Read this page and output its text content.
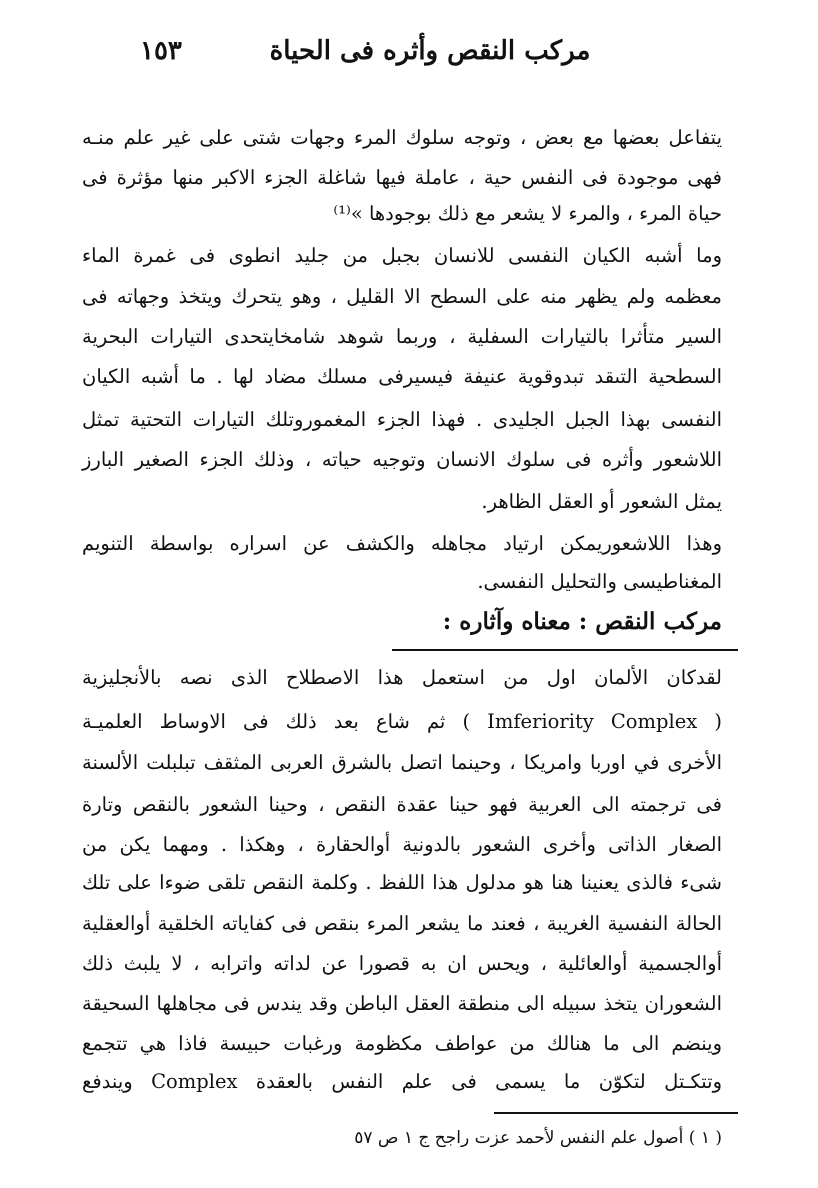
مركب النقص وأثره فى الحياة
١٥٣
يتفاعل بعضها مع بعض ، وتوجه سلوك المرء وجهات شتى على غير علم منـه
فهى موجودة فى النفس حية ، عاملة فيها شاغلة الجزء الاكبر منها مؤثرة فى
حياة المرء ، والمرء لا يشعر مع ذلك بوجودها »⁽¹⁾
وما أشبه الكيان النفسى للانسان بجبل من جليد انطوى فى غمرة الماء
معظمه ولم يظهر منه على السطح الا القليل ، وهو يتحرك ويتخذ وجهاته فى
السير متأثرا بالتيارات السفلية ، وربما شوهد شامخايتحدى التيارات البحرية
السطحية التىقد تبدوقوية عنيفة فيسيرفى مسلك مضاد لها . ما أشبه الكيان
النفسى بهذا الجبل الجليدى . فهذا الجزء المغموروتلك التيارات التحتية تمثل
اللاشعور وأثره فى سلوك الانسان وتوجيه حياته ، وذلك الجزء الصغير البارز
يمثل الشعور أو العقل الظاهر.
وهذا اللاشعوريمكن ارتياد مجاهله والكشف عن اسراره بواسطة التنويم
المغناطيسى والتحليل النفسى.
مركب النقص : معناه وآثاره :
لقدكان الألمان اول من استعمل هذا الاصطلاح الذى نصه بالأنجليزية
( Imferiority Complex ) ثم شاع بعد ذلك فى الاوساط العلميـة
الأخرى في اوربا وامريكا ، وحينما اتصل بالشرق العربى المثقف تبلبلت الألسنة
فى ترجمته الى العربية فهو حينا عقدة النقص ، وحينا الشعور بالنقص وتارة
الصغار الذاتى وأخرى الشعور بالدونية أوالحقارة ، وهكذا . ومهما يكن من
شىء فالذى يعنينا هنا هو مدلول هذا اللفظ . وكلمة النقص تلقى ضوءا على تلك
الحالة النفسية الغريبة ، فعند ما يشعر المرء بنقص فى كفاياته الخلقية أوالعقلية
أوالجسمية أوالعائلية ، ويحس ان به قصورا عن لداته واترابه ، لا يلبث ذلك
الشعوران يتخذ سبيله الى منطقة العقل الباطن وقد يندس فى مجاهلها السحيقة
وينضم الى ما هنالك من عواطف مكظومة ورغبات حبيسة فاذا هي تتجمع
وتتكـتل لتكوّن ما يسمى فى علم النفس بالعقدة Complex ويندفع
( ١ ) أصول علم النفس لأحمد عزت راجح ج ١ ص ٥٧
